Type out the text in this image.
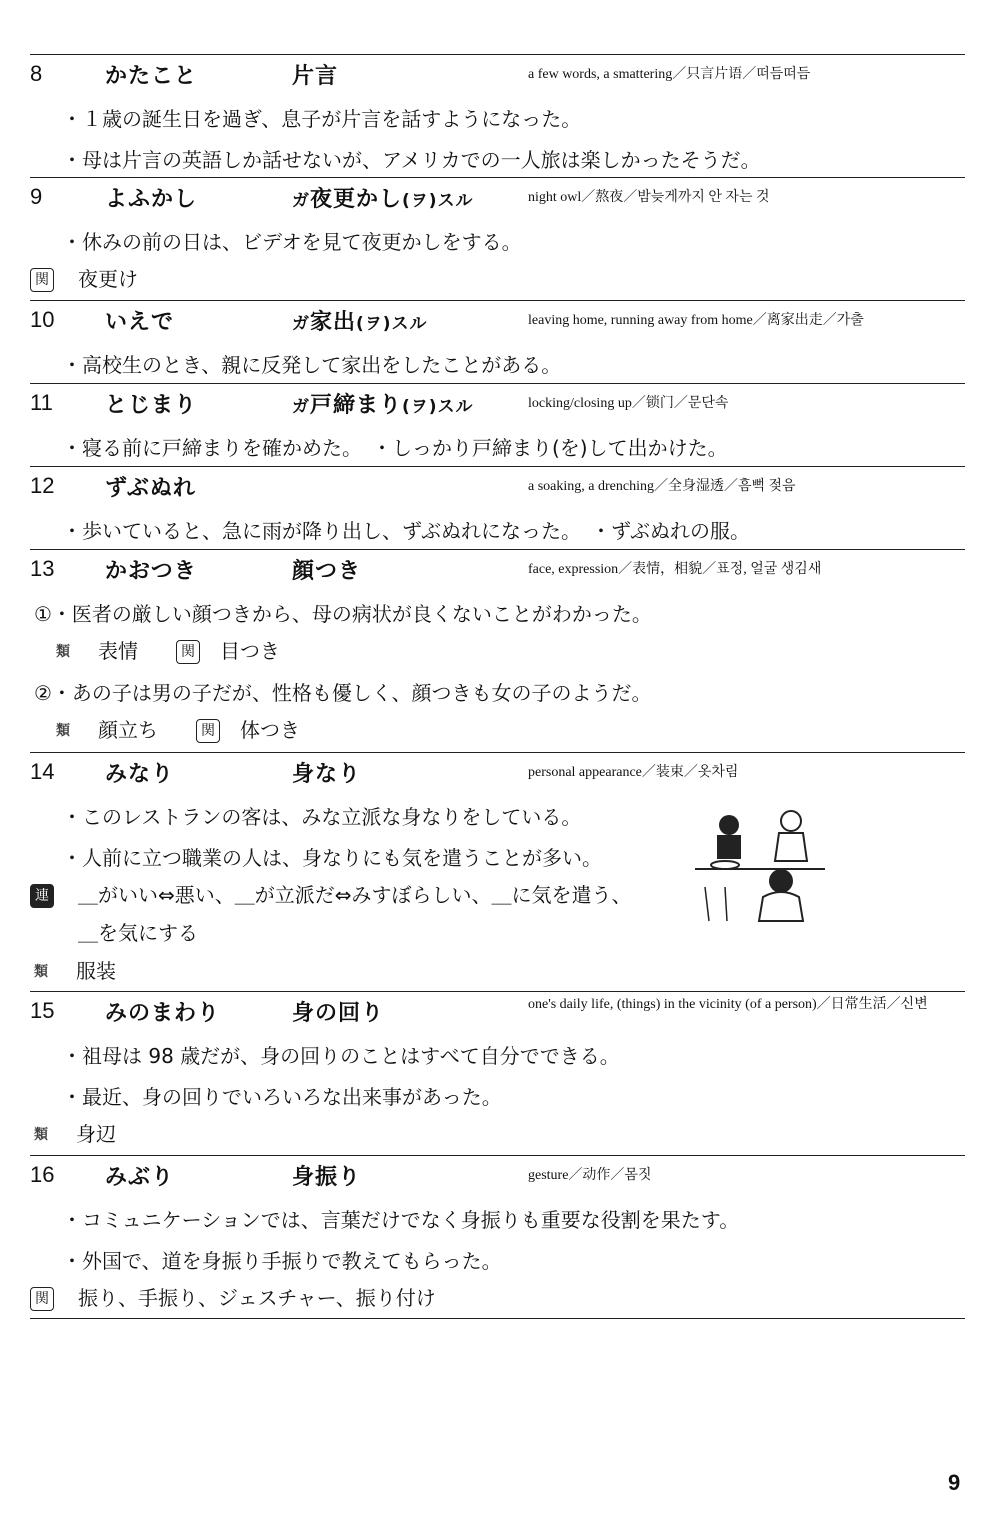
8	かたこと	片言	a few words, a smattering／只言片语／떠듬떠듬
・１歳の誕生日を過ぎ、息子が片言を話すようになった。
・母は片言の英語しか話せないが、アメリカでの一人旅は楽しかったそうだ。
9	よふかし	ガ夜更かし(ヲ)スル	night owl／熬夜／밤늦게까지 안 자는 것
・休みの前の日は、ビデオを見て夜更かしをする。
関 夜更け
10 いえで	ガ家出(ヲ)スル	leaving home, running away from home／离家出走／가출
・高校生のとき、親に反発して家出をしたことがある。
11 とじまり	ガ戸締まり(ヲ)スル	locking/closing up／锁门／문단속
・寝る前に戸締まりを確かめた。　・しっかり戸締まり(を)して出かけた。
12 ずぶぬれ	a soaking, a drenching／全身湿透／흠뻑 젖음
・歩いていると、急に雨が降り出し、ずぶぬれになった。　・ずぶぬれの服。
13 かおつき	顔つき	face, expression／表情，相貌／표정, 얼굴 생김새
①・医者の厳しい顔つきから、母の病状が良くないことがわかった。
類 表情	関 目つき
②・あの子は男の子だが、性格も優しく、顔つきも女の子のようだ。
類 顔立ち	関 体つき
14 みなり	身なり	personal appearance／装束／옷차림
・このレストランの客は、みな立派な身なりをしている。
・人前に立つ職業の人は、身なりにも気を遣うことが多い。
連 ＿がいい⇔悪い、＿が立派だ⇔みすぼらしい、＿に気を遣う、
＿を気にする
類 服装
15 みのまわり	身の回り	one's daily life, (things) in the vicinity (of a person)／日常生活／신변
・祖母は 98 歳だが、身の回りのことはすべて自分でできる。
・最近、身の回りでいろいろな出来事があった。
類 身辺
16 みぶり	身振り	gesture／动作／몸짓
・コミュニケーションでは、言葉だけでなく身振りも重要な役割を果たす。
・外国で、道を身振り手振りで教えてもらった。
関 振り、手振り、ジェスチャー、振り付け
9
